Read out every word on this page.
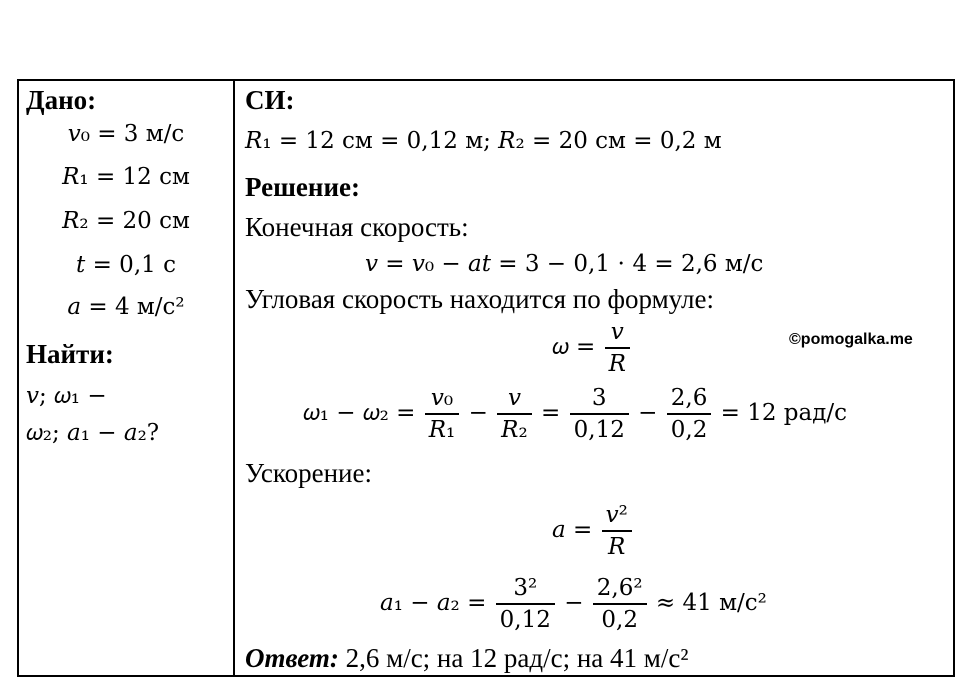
Дано:
𝑣₀ = 3 м/с
𝑅₁ = 12 см
𝑅₂ = 20 см
𝑡 = 0,1 с
𝑎 = 4 м/с²
Найти:
𝑣; 𝜔₁ −
𝜔₂; 𝑎₁ − 𝑎₂?
СИ:
𝑅₁ = 12 см = 0,12 м; 𝑅₂ = 20 см = 0,2 м
Решение:
Конечная скорость:
𝑣 = 𝑣₀ − 𝑎𝑡 = 3 − 0,1 ⋅ 4 = 2,6 м/с
Угловая скорость находится по формуле:
𝜔 = $\frac{\text{𝑣}}{\text{𝑅}}$
𝜔₁ − 𝜔₂ = $\frac{\text{𝑣₀}}{\text{𝑅₁}} - \frac{\text{𝑣}}{\text{𝑅₂}} = \frac{3}{0,12} - \frac{2,6}{0,2} = 12$ рад/с
Ускорение:
𝑎 = $\frac{\text{𝑣²}}{\text{𝑅}}$
𝑎₁ − 𝑎₂ = $\frac{\text{3²}}{0,12} - \frac{\text{2,6²}}{0,2} \approx 41$ м/с²
Ответ: 2,6 м/с; на 12 рад/с; на 41 м/с²
©pomogalka.me
